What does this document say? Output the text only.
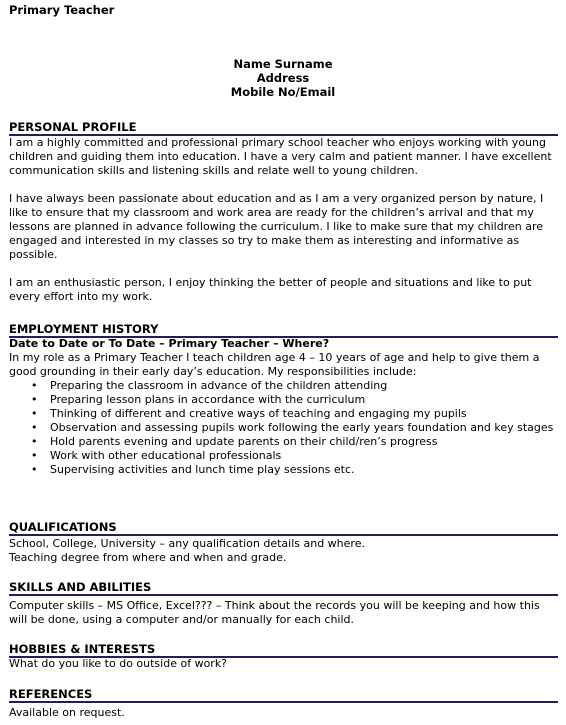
Primary Teacher
Name Surname
Address
Mobile No/Email
PERSONAL PROFILE

I am a highly committed and professional primary school teacher who enjoys working with young children and guiding them into education. I have a very calm and patient manner. I have excellent communication skills and listening skills and relate well to young children.

I have always been passionate about education and as I am a very organized person by nature, I like to ensure that my classroom and work area are ready for the children’s arrival and that my lessons are planned in advance following the curriculum. I like to make sure that my children are engaged and interested in my classes so try to make them as interesting and informative as possible.

I am an enthusiastic person, I enjoy thinking the better of people and situations and like to put every effort into my work.

EMPLOYMENT HISTORY

Date to Date or To Date – Primary Teacher – Where?

In my role as a Primary Teacher I teach children age 4 – 10 years of age and help to give them a good grounding in their early day’s education. My responsibilities include:

• Preparing the classroom in advance of the children attending
• Preparing lesson plans in accordance with the curriculum
• Thinking of different and creative ways of teaching and engaging my pupils
• Observation and assessing pupils work following the early years foundation and key stages
• Hold parents evening and update parents on their child/ren’s progress
• Work with other educational professionals
• Supervising activities and lunch time play sessions etc.
QUALIFICATIONS

School, College, University – any qualification details and where.

Teaching degree from where and when and grade.

SKILLS AND ABILITIES

Computer skills – MS Office, Excel??? – Think about the records you will be keeping and how this will be done, using a computer and/or manually for each child.

HOBBIES & INTERESTS

What do you like to do outside of work?

REFERENCES

Available on request.
